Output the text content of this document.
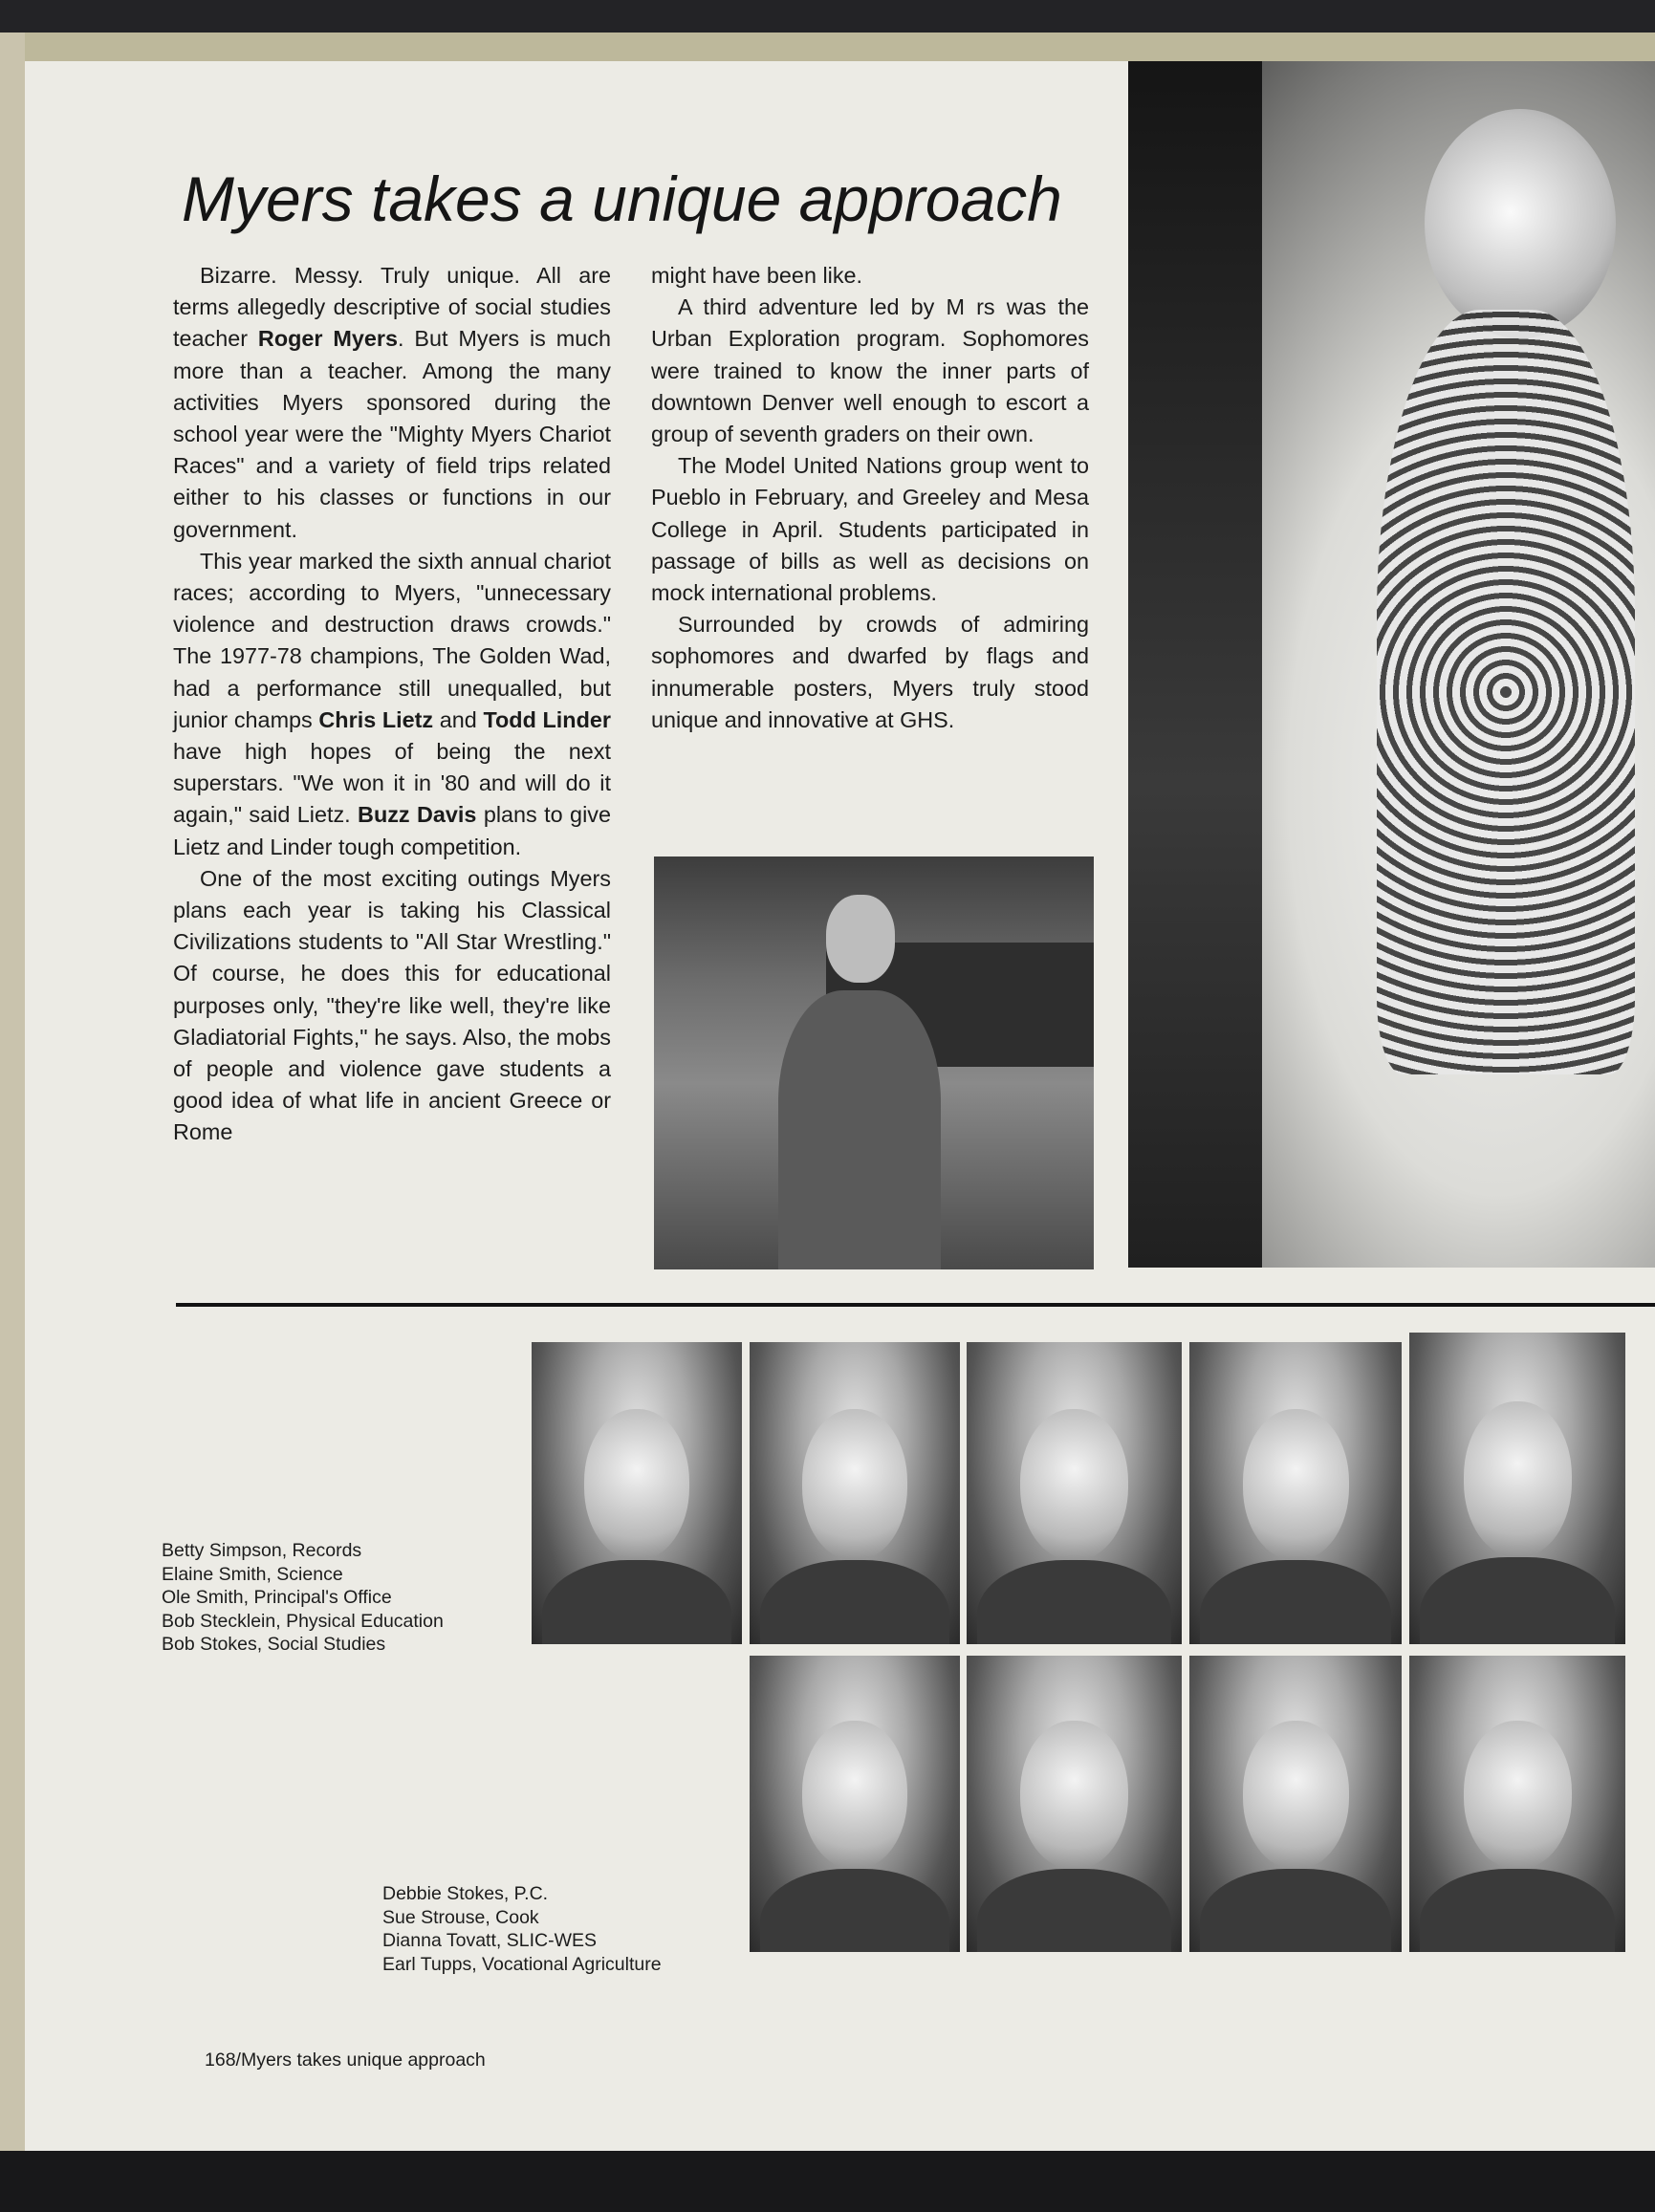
Myers takes a unique approach

Bizarre. Messy. Truly unique. All are terms allegedly descriptive of social studies teacher Roger Myers. But Myers is much more than a teacher. Among the many activities Myers sponsored during the school year were the "Mighty Myers Chariot Races" and a variety of field trips related either to his classes or functions in our government.

This year marked the sixth annual chariot races; according to Myers, "unnecessary violence and destruction draws crowds." The 1977-78 champions, The Golden Wad, had a performance still unequalled, but junior champs Chris Lietz and Todd Linder have high hopes of being the next superstars. "We won it in '80 and will do it again," said Lietz. Buzz Davis plans to give Lietz and Linder tough competition.

One of the most exciting outings Myers plans each year is taking his Classical Civilizations students to "All Star Wrestling." Of course, he does this for educational purposes only, "they're like well, they're like Gladiatorial Fights," he says. Also, the mobs of people and violence gave students a good idea of what life in ancient Greece or Rome

might have been like.

A third adventure led by M rs was the Urban Exploration program. Sophomores were trained to know the inner parts of downtown Denver well enough to escort a group of seventh graders on their own.

The Model United Nations group went to Pueblo in February, and Greeley and Mesa College in April. Students participated in passage of bills as well as decisions on mock international problems.

Surrounded by crowds of admiring sophomores and dwarfed by flags and innumerable posters, Myers truly stood unique and innovative at GHS.

Betty Simpson, Records
Elaine Smith, Science
Ole Smith, Principal's Office
Bob Stecklein, Physical Education
Bob Stokes, Social Studies
Debbie Stokes, P.C.
Sue Strouse, Cook
Dianna Tovatt, SLIC-WES
Earl Tupps, Vocational Agriculture
168/Myers takes unique approach
